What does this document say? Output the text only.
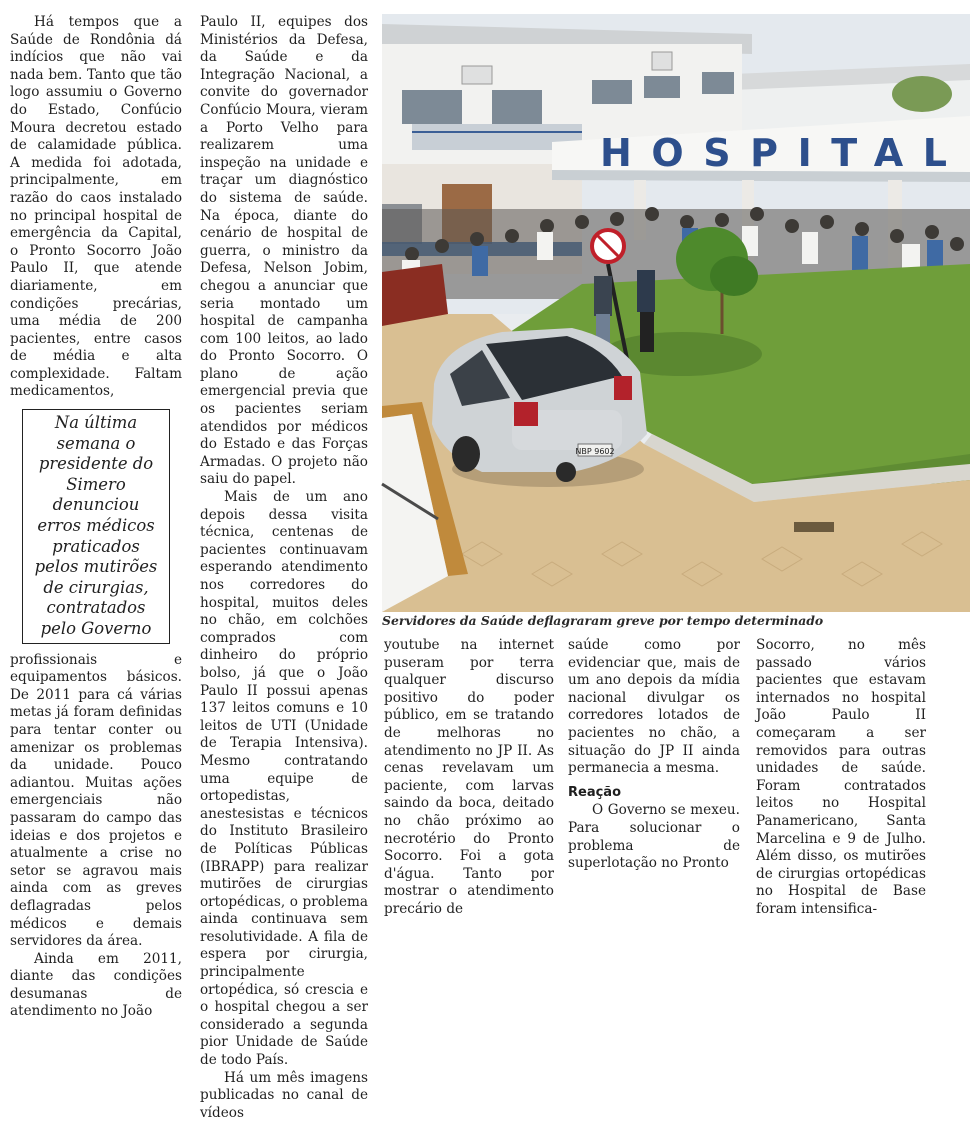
Há tempos que a Saúde de Rondônia dá indícios que não vai nada bem. Tanto que tão logo assumiu o Governo do Estado, Confúcio Moura decretou estado de calamidade pública. A medida foi adotada, principalmente, em razão do caos instalado no principal hospital de emergência da Capital, o Pronto Socorro João Paulo II, que atende diariamente, em condições precárias, uma média de 200 pacientes, entre casos de média e alta complexidade. Faltam medicamentos,

Na última semana o presidente do Simero denunciou erros médicos praticados pelos mutirões de cirurgias, contratados pelo Governo

profissionais e equipamentos básicos. De 2011 para cá várias metas já foram definidas para tentar conter ou amenizar os problemas da unidade. Pouco adiantou. Muitas ações emergenciais não passaram do campo das ideias e dos projetos e atualmente a crise no setor se agravou mais ainda com as greves deflagradas pelos médicos e demais servidores da área.

Ainda em 2011, diante das condições desumanas de atendimento no João

Paulo II, equipes dos Ministérios da Defesa, da Saúde e da Integração Nacional, a convite do governador Confúcio Moura, vieram a Porto Velho para realizarem uma inspeção na unidade e traçar um diagnóstico do sistema de saúde. Na época, diante do cenário de hospital de guerra, o ministro da Defesa, Nelson Jobim, chegou a anunciar que seria montado um hospital de campanha com 100 leitos, ao lado do Pronto Socorro. O plano de ação emergencial previa que os pacientes seriam atendidos por médicos do Estado e das Forças Armadas. O projeto não saiu do papel.

Mais de um ano depois dessa visita técnica, centenas de pacientes continuavam esperando atendimento nos corredores do hospital, muitos deles no chão, em colchões comprados com dinheiro do próprio bolso, já que o João Paulo II possui apenas 137 leitos comuns e 10 leitos de UTI (Unidade de Terapia Intensiva). Mesmo contratando uma equipe de ortopedistas, anestesistas e técnicos do Instituto Brasileiro de Políticas Públicas (IBRAPP) para realizar mutirões de cirurgias ortopédicas, o problema ainda continuava sem resolutividade. A fila de espera por cirurgia, principalmente ortopédica, só crescia e o hospital chegou a ser considerado a segunda pior Unidade de Saúde de todo País.

Há um mês imagens publicadas no canal de vídeos

HOSPITAL
NBP 9602
Servidores da Saúde deflagraram greve por tempo determinado

youtube na internet puseram por terra qualquer discurso positivo do poder público, em se tratando de melhoras no atendimento no JP II. As cenas revelavam um paciente, com larvas saindo da boca, deitado no chão próximo ao necrotério do Pronto Socorro. Foi a gota d'água. Tanto por mostrar o atendimento precário de

saúde como por evidenciar que, mais de um ano depois da mídia nacional divulgar os corredores lotados de pacientes no chão, a situação do JP II ainda permanecia a mesma.

Reação

O Governo se mexeu. Para solucionar o problema de superlotação no Pronto

Socorro, no mês passado vários pacientes que estavam internados no hospital João Paulo II começaram a ser removidos para outras unidades de saúde. Foram contratados leitos no Hospital Panamericano, Santa Marcelina e 9 de Julho. Além disso, os mutirões de cirurgias ortopédicas no Hospital de Base foram intensifica-
